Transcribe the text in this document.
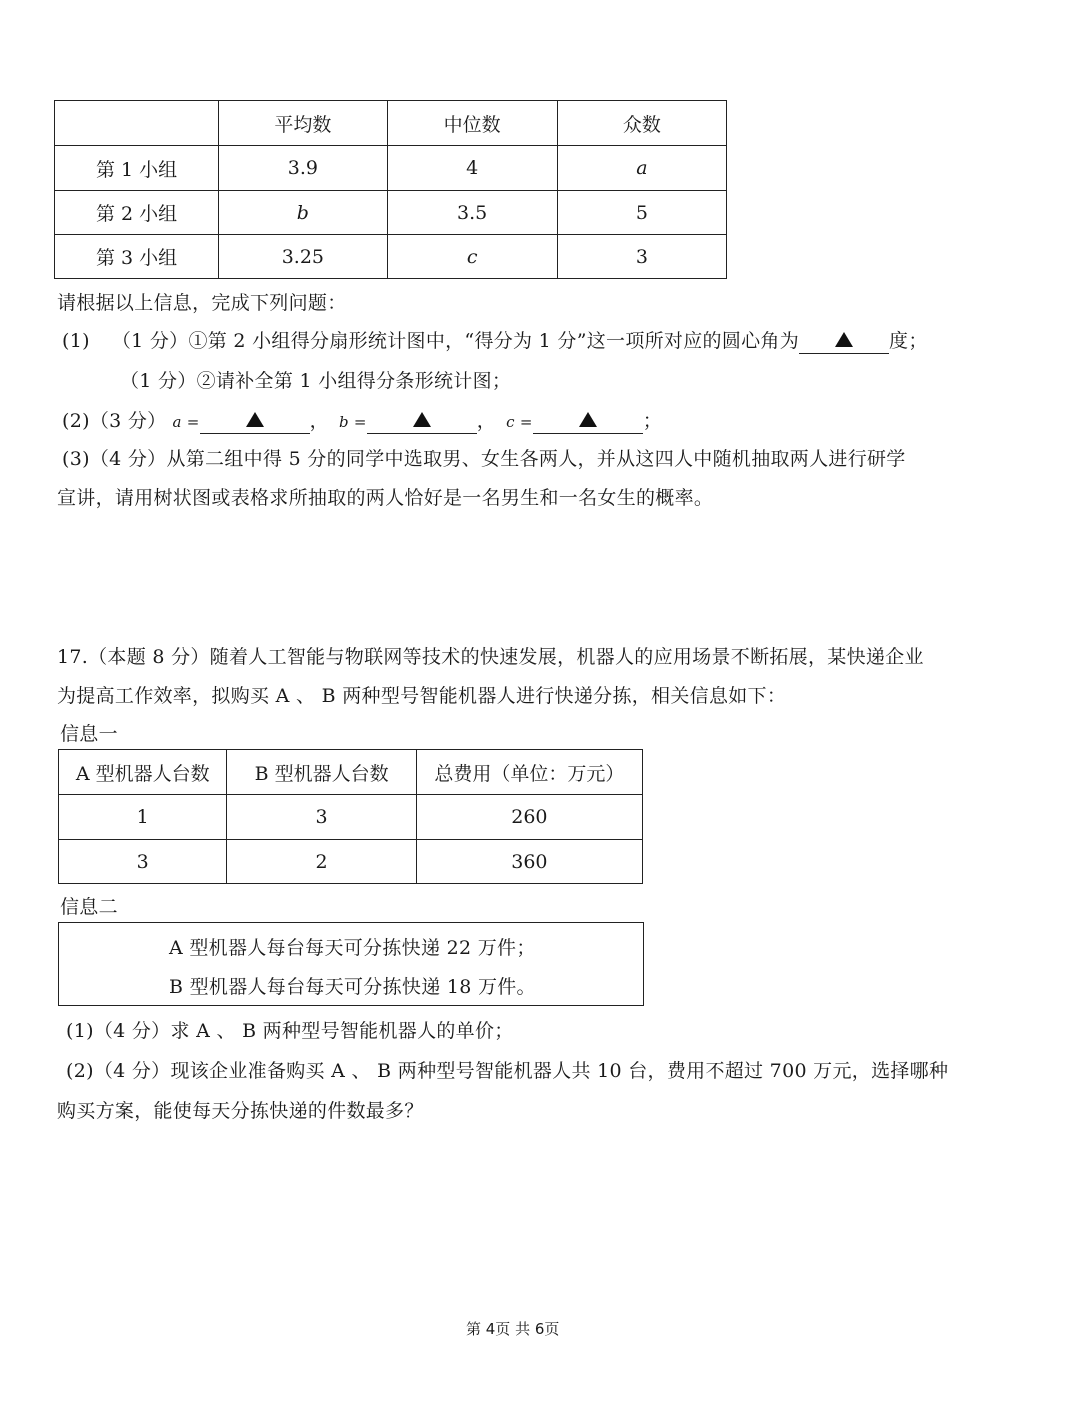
	平均数	中位数	众数
第 1 小组	3.9	4	a
第 2 小组	b	3.5	5
第 3 小组	3.25	c	3
请根据以上信息，完成下列问题：
(1) （1 分）①第 2 小组得分扇形统计图中，“得分为 1 分”这一项所对应的圆心角为	度；
（1 分）②请补全第 1 小组得分条形统计图；
(2)（3 分） a =	， b =	， c =	；
(3)（4 分）从第二组中得 5 分的同学中选取男、女生各两人，并从这四人中随机抽取两人进行研学
宣讲，请用树状图或表格求所抽取的两人恰好是一名男生和一名女生的概率。
17.（本题 8 分）随着人工智能与物联网等技术的快速发展，机器人的应用场景不断拓展，某快递企业
为提高工作效率，拟购买 A 、 B 两种型号智能机器人进行快递分拣，相关信息如下：
信息一
A 型机器人台数	B 型机器人台数	总费用（单位：万元）
1	3	260
3	2	360
信息二
A 型机器人每台每天可分拣快递 22 万件；
B 型机器人每台每天可分拣快递 18 万件。
(1)（4 分）求 A 、 B 两种型号智能机器人的单价；
(2)（4 分）现该企业准备购买 A 、 B 两种型号智能机器人共 10 台，费用不超过 700 万元，选择哪种
购买方案，能使每天分拣快递的件数最多？
第 4页 共 6页
